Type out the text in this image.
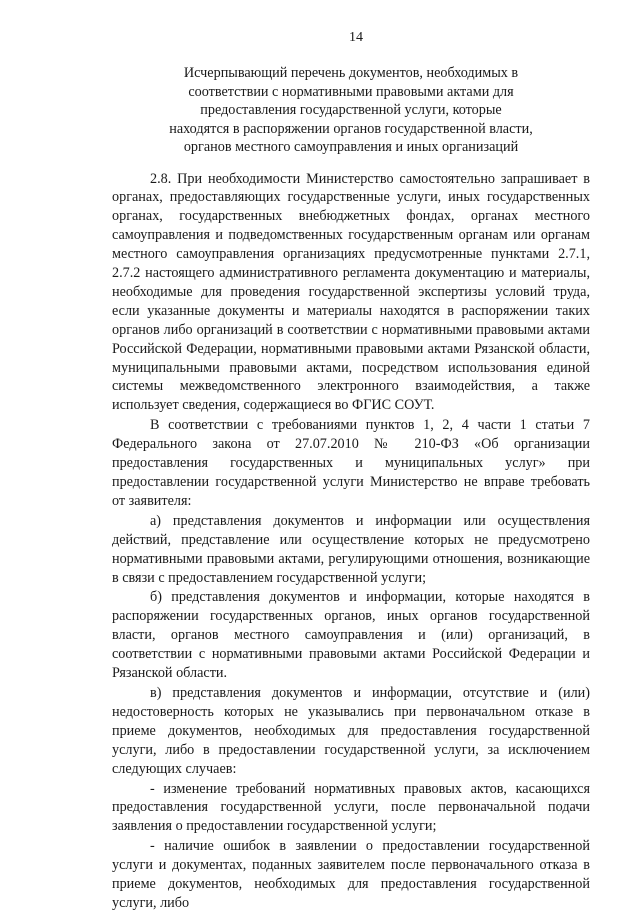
14
Исчерпывающий перечень документов, необходимых в
соответствии с нормативными правовыми актами для
предоставления государственной услуги, которые
находятся в распоряжении органов государственной власти,
органов местного самоуправления и иных организаций

2.8. При необходимости Министерство самостоятельно запрашивает в органах, предоставляющих государственные услуги, иных государственных органах, государственных внебюджетных фондах, органах местного самоуправления и подведомственных государственным органам или органам местного самоуправления организациях предусмотренные пунктами 2.7.1, 2.7.2 настоящего административного регламента документацию и материалы, необходимые для проведения государственной экспертизы условий труда, если указанные документы и материалы находятся в распоряжении таких органов либо организаций в соответствии с нормативными правовыми актами Российской Федерации, нормативными правовыми актами Рязанской области, муниципальными правовыми актами, посредством использования единой системы межведомственного электронного взаимодействия, а также использует сведения, содержащиеся во ФГИС СОУТ.

В соответствии с требованиями пунктов 1, 2, 4 части 1 статьи 7 Федерального закона от 27.07.2010 № 210-ФЗ «Об организации предоставления государственных и муниципальных услуг» при предоставлении государственной услуги Министерство не вправе требовать от заявителя:

а) представления документов и информации или осуществления действий, представление или осуществление которых не предусмотрено нормативными правовыми актами, регулирующими отношения, возникающие в связи с предоставлением государственной услуги;

б) представления документов и информации, которые находятся в распоряжении государственных органов, иных органов государственной власти, органов местного самоуправления и (или) организаций, в соответствии с нормативными правовыми актами Российской Федерации и Рязанской области.

в) представления документов и информации, отсутствие и (или) недостоверность которых не указывались при первоначальном отказе в приеме документов, необходимых для предоставления государственной услуги, либо в предоставлении государственной услуги, за исключением следующих случаев:

- изменение требований нормативных правовых актов, касающихся предоставления государственной услуги, после первоначальной подачи заявления о предоставлении государственной услуги;

- наличие ошибок в заявлении о предоставлении государственной услуги и документах, поданных заявителем после первоначального отказа в приеме документов, необходимых для предоставления государственной услуги, либо
